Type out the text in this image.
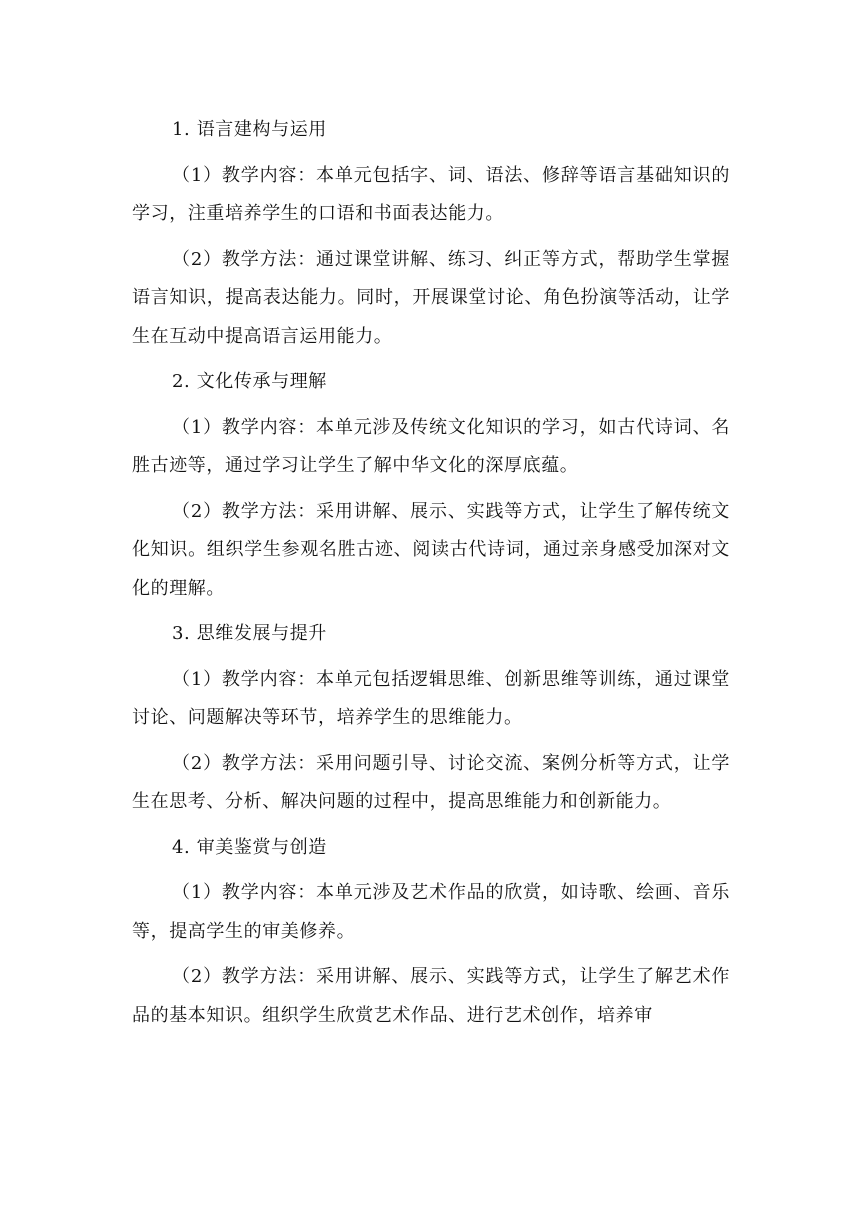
1. 语言建构与运用

（1）教学内容：本单元包括字、词、语法、修辞等语言基础知识的学习，注重培养学生的口语和书面表达能力。

（2）教学方法：通过课堂讲解、练习、纠正等方式，帮助学生掌握语言知识，提高表达能力。同时，开展课堂讨论、角色扮演等活动，让学生在互动中提高语言运用能力。

2. 文化传承与理解

（1）教学内容：本单元涉及传统文化知识的学习，如古代诗词、名胜古迹等，通过学习让学生了解中华文化的深厚底蕴。

（2）教学方法：采用讲解、展示、实践等方式，让学生了解传统文化知识。组织学生参观名胜古迹、阅读古代诗词，通过亲身感受加深对文化的理解。

3. 思维发展与提升

（1）教学内容：本单元包括逻辑思维、创新思维等训练，通过课堂讨论、问题解决等环节，培养学生的思维能力。

（2）教学方法：采用问题引导、讨论交流、案例分析等方式，让学生在思考、分析、解决问题的过程中，提高思维能力和创新能力。

4. 审美鉴赏与创造

（1）教学内容：本单元涉及艺术作品的欣赏，如诗歌、绘画、音乐等，提高学生的审美修养。

（2）教学方法：采用讲解、展示、实践等方式，让学生了解艺术作品的基本知识。组织学生欣赏艺术作品、进行艺术创作，培养审
